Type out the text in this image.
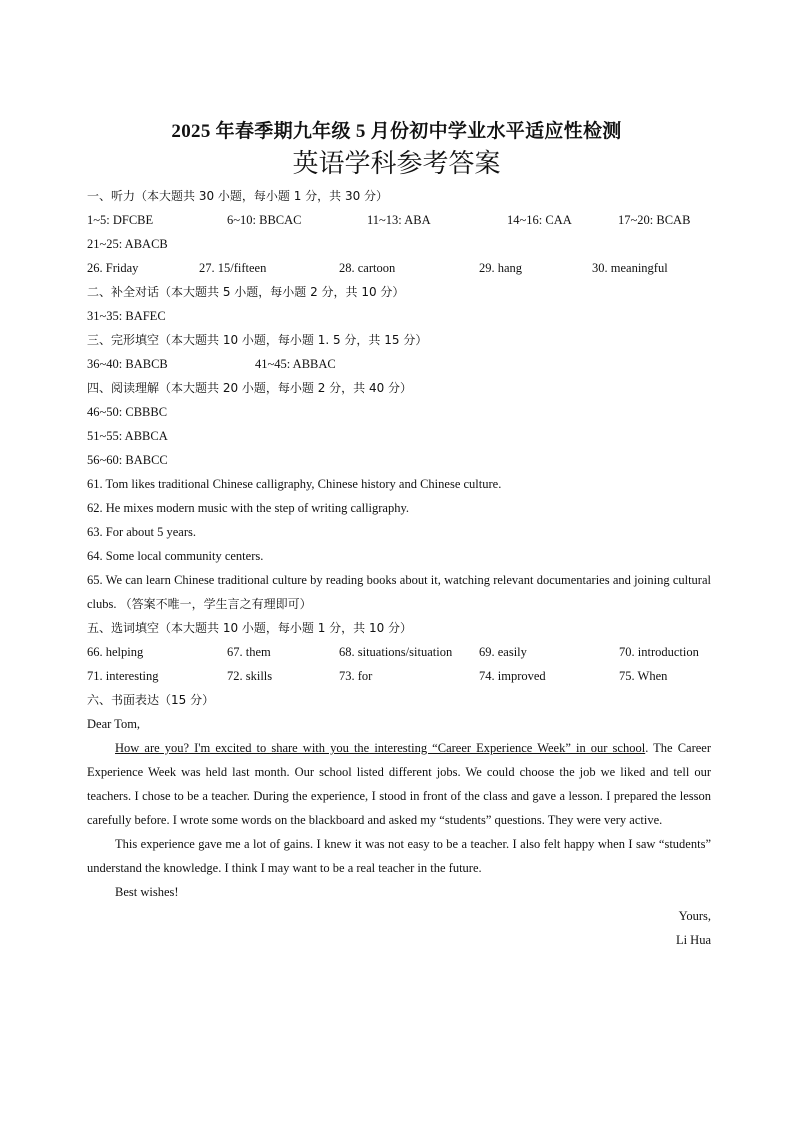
2025 年春季期九年级 5 月份初中学业水平适应性检测
英语学科参考答案
一、听力（本大题共 30 小题，每小题 1 分，共 30 分）
1~5: DFCBE	6~10: BBCAC	11~13: ABA	14~16: CAA	17~20: BCAB
21~25: ABACB
26. Friday	27. 15/fifteen	28. cartoon	29. hang	30. meaningful
二、补全对话（本大题共 5 小题，每小题 2 分，共 10 分）
31~35: BAFEC
三、完形填空（本大题共 10 小题，每小题 1. 5 分，共 15 分）
36~40: BABCB	41~45: ABBAC
四、阅读理解（本大题共 20 小题，每小题 2 分，共 40 分）
46~50: CBBBC
51~55: ABBCA
56~60: BABCC
61. Tom likes traditional Chinese calligraphy, Chinese history and Chinese culture.
62. He mixes modern music with the step of writing calligraphy.
63. For about 5 years.
64. Some local community centers.
65. We can learn Chinese traditional culture by reading books about it, watching relevant documentaries and joining cultural clubs. （答案不唯一，学生言之有理即可）
五、选词填空（本大题共 10 小题，每小题 1 分，共 10 分）
66. helping	67. them	68. situations/situation 69. easily	70. introduction
71. interesting	72. skills	73. for	74. improved	75. When
六、书面表达（15 分）

Dear Tom,

How are you? I'm excited to share with you the interesting “Career Experience Week” in our school. The Career Experience Week was held last month. Our school listed different jobs. We could choose the job we liked and tell our teachers. I chose to be a teacher. During the experience, I stood in front of the class and gave a lesson. I prepared the lesson carefully before. I wrote some words on the blackboard and asked my “students” questions. They were very active.

This experience gave me a lot of gains. I knew it was not easy to be a teacher. I also felt happy when I saw “students” understand the knowledge. I think I may want to be a real teacher in the future.

Best wishes!

Yours,
Li Hua
